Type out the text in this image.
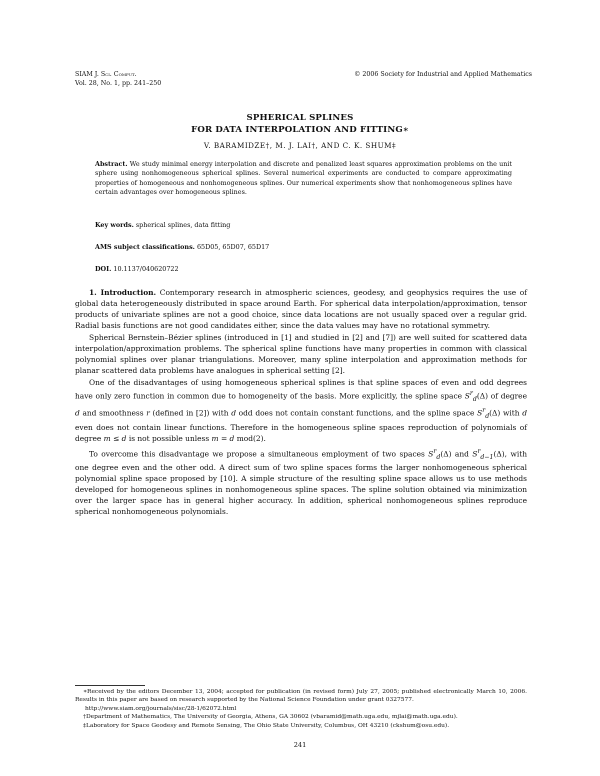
SIAM J. Sci. Comput.
Vol. 28, No. 1, pp. 241–250
© 2006 Society for Industrial and Applied Mathematics
SPHERICAL SPLINES
FOR DATA INTERPOLATION AND FITTING∗
V. BARAMIDZE†, M. J. LAI†, AND C. K. SHUM‡
Abstract. We study minimal energy interpolation and discrete and penalized least squares approximation problems on the unit sphere using nonhomogeneous spherical splines. Several numerical experiments are conducted to compare approximating properties of homogeneous and nonhomogeneous splines. Our numerical experiments show that nonhomogeneous splines have certain advantages over homogeneous splines.
Key words. spherical splines, data fitting
AMS subject classifications. 65D05, 65D07, 65D17
DOI. 10.1137/040620722

1. Introduction. Contemporary research in atmospheric sciences, geodesy, and geophysics requires the use of global data heterogeneously distributed in space around Earth. For spherical data interpolation/approximation, tensor products of univariate splines are not a good choice, since data locations are not usually spaced over a regular grid. Radial basis functions are not good candidates either, since the data values may have no rotational symmetry.

Spherical Bernstein–Bézier splines (introduced in [1] and studied in [2] and [7]) are well suited for scattered data interpolation/approximation problems. The spherical spline functions have many properties in common with classical polynomial splines over planar triangulations. Moreover, many spline interpolation and approximation methods for planar scattered data problems have analogues in spherical setting [2].

One of the disadvantages of using homogeneous spherical splines is that spline spaces of even and odd degrees have only zero function in common due to homogeneity of the basis. More explicitly, the spline space $S^r_d(\Delta)$ of degree d and smoothness r (defined in [2]) with d odd does not contain constant functions, and the spline space $S^r_d(\Delta)$ with d even does not contain linear functions. Therefore in the homogeneous spline spaces reproduction of polynomials of degree m ≤ d is not possible unless m = d mod(2).

To overcome this disadvantage we propose a simultaneous employment of two spaces $S^r_d(\Delta)$ and $S^r_{d-1}(\Delta)$, with one degree even and the other odd. A direct sum of two spline spaces forms the larger nonhomogeneous spherical polynomial spline space proposed by [10]. A simple structure of the resulting spline space allows us to use methods developed for homogeneous splines in nonhomogeneous spline spaces. The spline solution obtained via minimization over the larger space has in general higher accuracy. In addition, spherical nonhomogeneous splines reproduce spherical nonhomogeneous polynomials.

∗Received by the editors December 13, 2004; accepted for publication (in revised form) July 27, 2005; published electronically March 10, 2006. Results in this paper are based on research supported by the National Science Foundation under grant 0327577.

http://www.siam.org/journals/sisc/28-1/62072.html

†Department of Mathematics, The University of Georgia, Athens, GA 30602 (vbaramid@math.uga.edu, mjlai@math.uga.edu).

‡Laboratory for Space Geodesy and Remote Sensing, The Ohio State University, Columbus, OH 43210 (ckshum@osu.edu).

241
